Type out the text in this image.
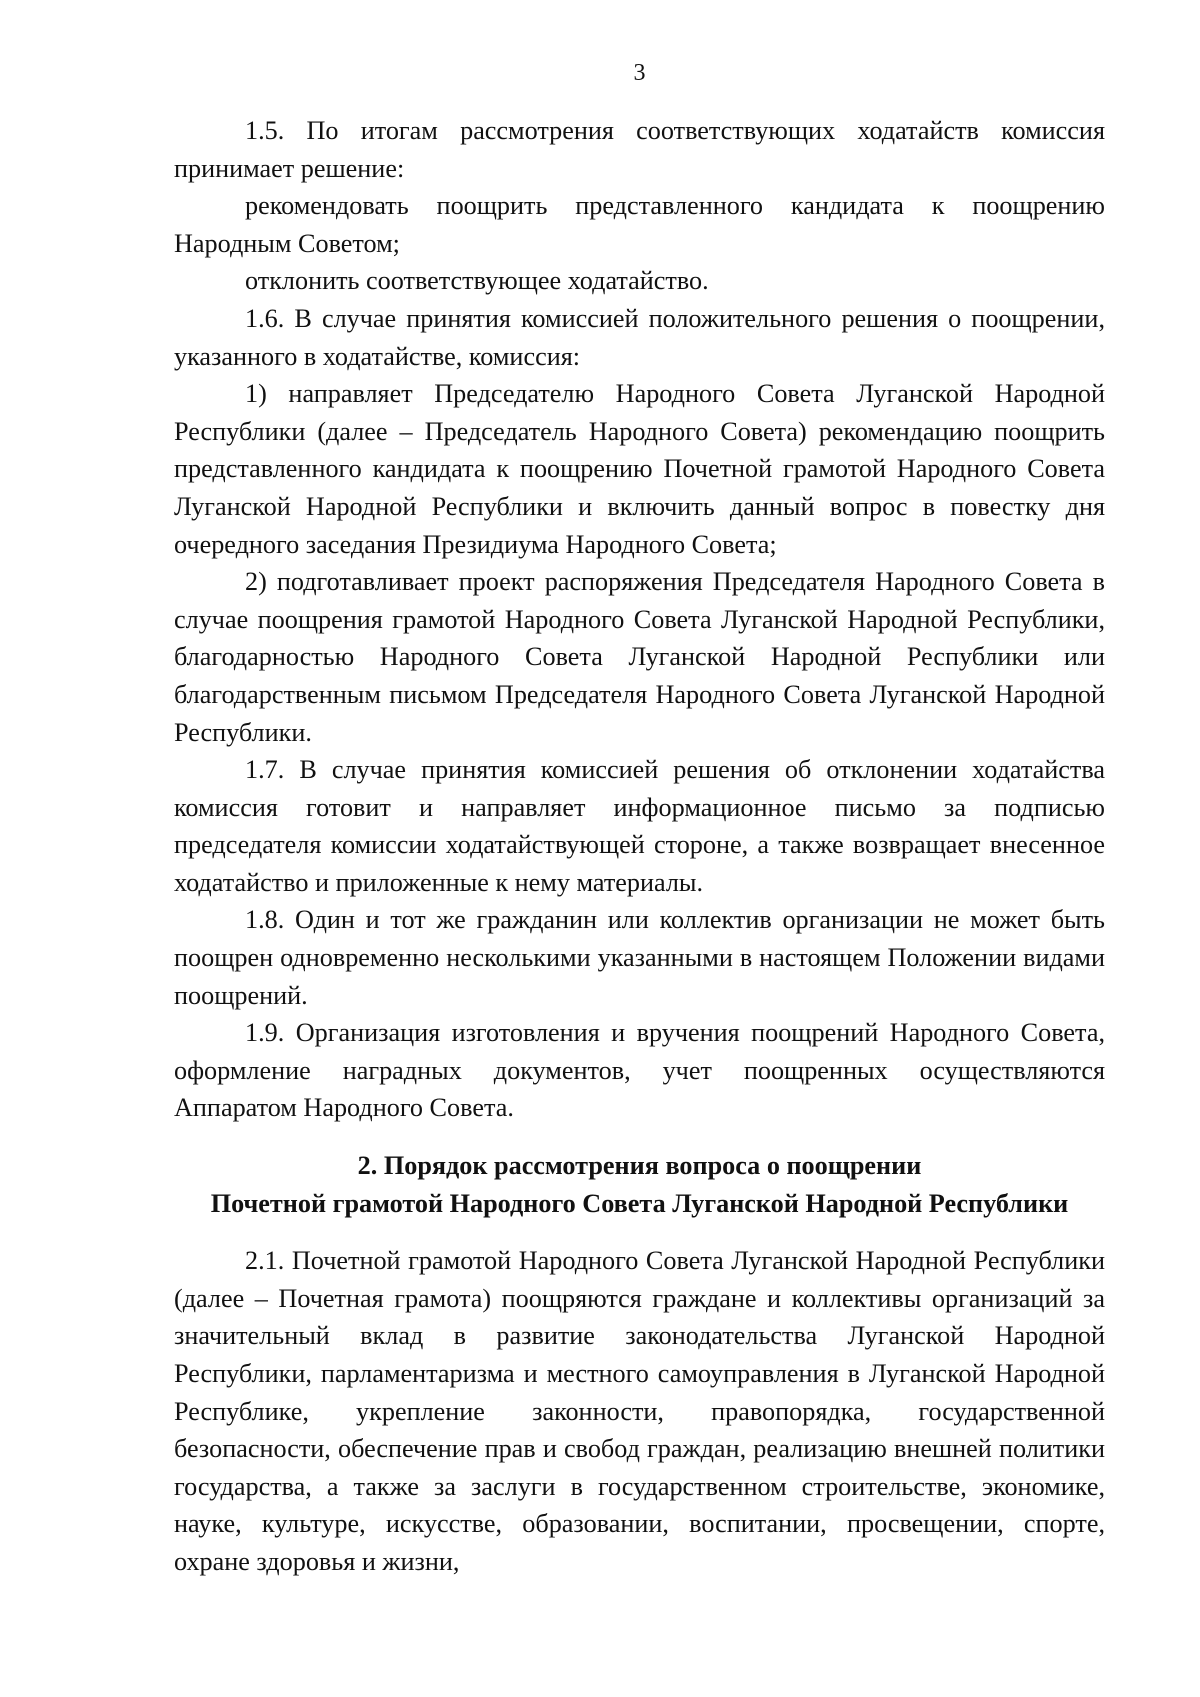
3

1.5. По итогам рассмотрения соответствующих ходатайств комиссия принимает решение:

рекомендовать поощрить представленного кандидата к поощрению Народным Советом;

отклонить соответствующее ходатайство.

1.6. В случае принятия комиссией положительного решения о поощрении, указанного в ходатайстве, комиссия:

1) направляет Председателю Народного Совета Луганской Народной Республики (далее – Председатель Народного Совета) рекомендацию поощрить представленного кандидата к поощрению Почетной грамотой Народного Совета Луганской Народной Республики и включить данный вопрос в повестку дня очередного заседания Президиума Народного Совета;

2) подготавливает проект распоряжения Председателя Народного Совета в случае поощрения грамотой Народного Совета Луганской Народной Республики, благодарностью Народного Совета Луганской Народной Республики или благодарственным письмом Председателя Народного Совета Луганской Народной Республики.

1.7. В случае принятия комиссией решения об отклонении ходатайства комиссия готовит и направляет информационное письмо за подписью председателя комиссии ходатайствующей стороне, а также возвращает внесенное ходатайство и приложенные к нему материалы.

1.8. Один и тот же гражданин или коллектив организации не может быть поощрен одновременно несколькими указанными в настоящем Положении видами поощрений.

1.9. Организация изготовления и вручения поощрений Народного Совета, оформление наградных документов, учет поощренных осуществляются Аппаратом Народного Совета.

2. Порядок рассмотрения вопроса о поощрении
Почетной грамотой Народного Совета Луганской Народной Республики

2.1. Почетной грамотой Народного Совета Луганской Народной Республики (далее – Почетная грамота) поощряются граждане и коллективы организаций за значительный вклад в развитие законодательства Луганской Народной Республики, парламентаризма и местного самоуправления в Луганской Народной Республике, укрепление законности, правопорядка, государственной безопасности, обеспечение прав и свобод граждан, реализацию внешней политики государства, а также за заслуги в государственном строительстве, экономике, науке, культуре, искусстве, образовании, воспитании, просвещении, спорте, охране здоровья и жизни,
